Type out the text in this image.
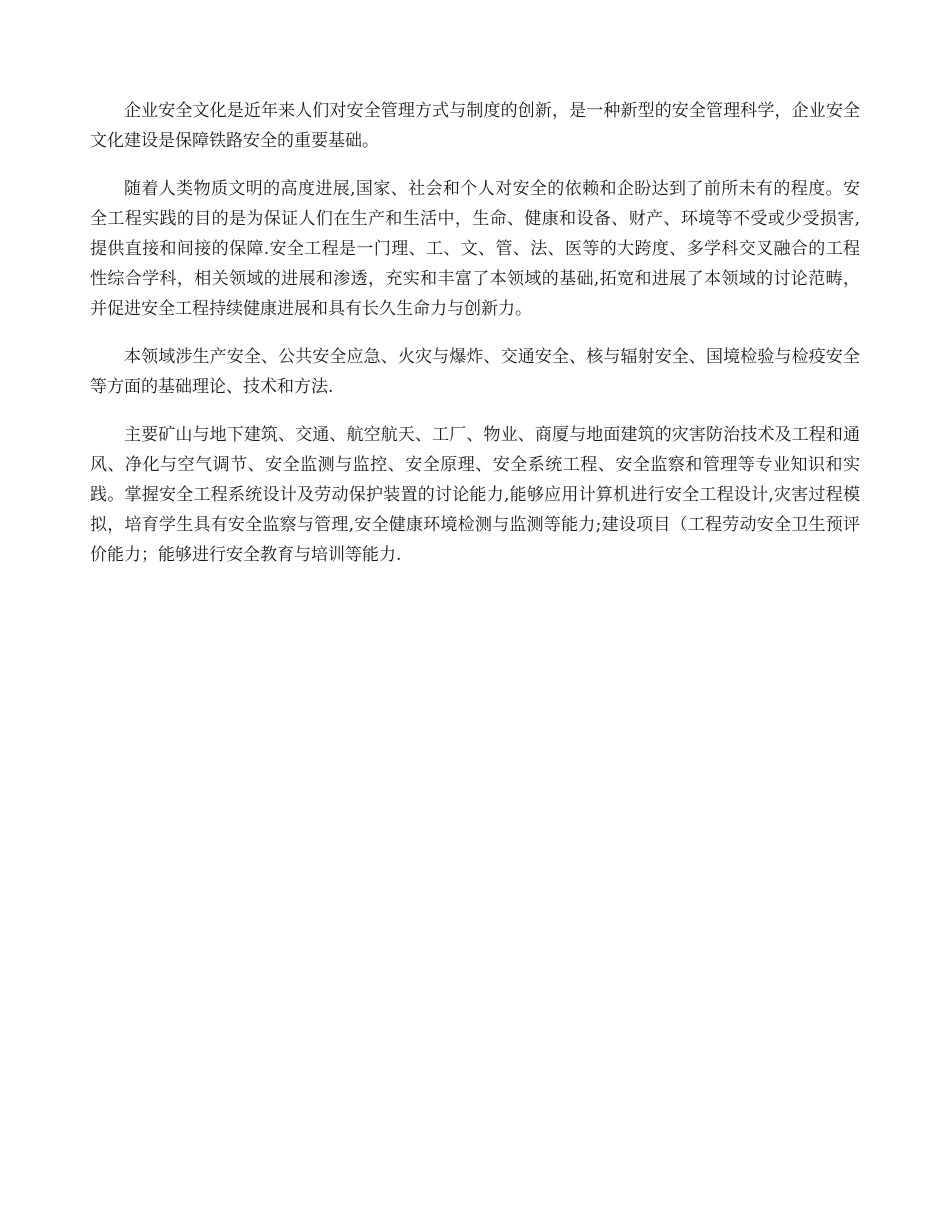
企业安全文化是近年来人们对安全管理方式与制度的创新，是一种新型的安全管理科学，企业安全文化建设是保障铁路安全的重要基础。

随着人类物质文明的高度进展,国家、社会和个人对安全的依赖和企盼达到了前所未有的程度。安全工程实践的目的是为保证人们在生产和生活中，生命、健康和设备、财产、环境等不受或少受损害,提供直接和间接的保障.安全工程是一门理、工、文、管、法、医等的大跨度、多学科交叉融合的工程性综合学科，相关领域的进展和渗透，充实和丰富了本领域的基础,拓宽和进展了本领域的讨论范畴，并促进安全工程持续健康进展和具有长久生命力与创新力。

本领域涉生产安全、公共安全应急、火灾与爆炸、交通安全、核与辐射安全、国境检验与检疫安全等方面的基础理论、技术和方法.

主要矿山与地下建筑、交通、航空航天、工厂、物业、商厦与地面建筑的灾害防治技术及工程和通风、净化与空气调节、安全监测与监控、安全原理、安全系统工程、安全监察和管理等专业知识和实践。掌握安全工程系统设计及劳动保护装置的讨论能力,能够应用计算机进行安全工程设计,灾害过程模拟，培育学生具有安全监察与管理,安全健康环境检测与监测等能力;建设项目（工程劳动安全卫生预评价能力；能够进行安全教育与培训等能力.
